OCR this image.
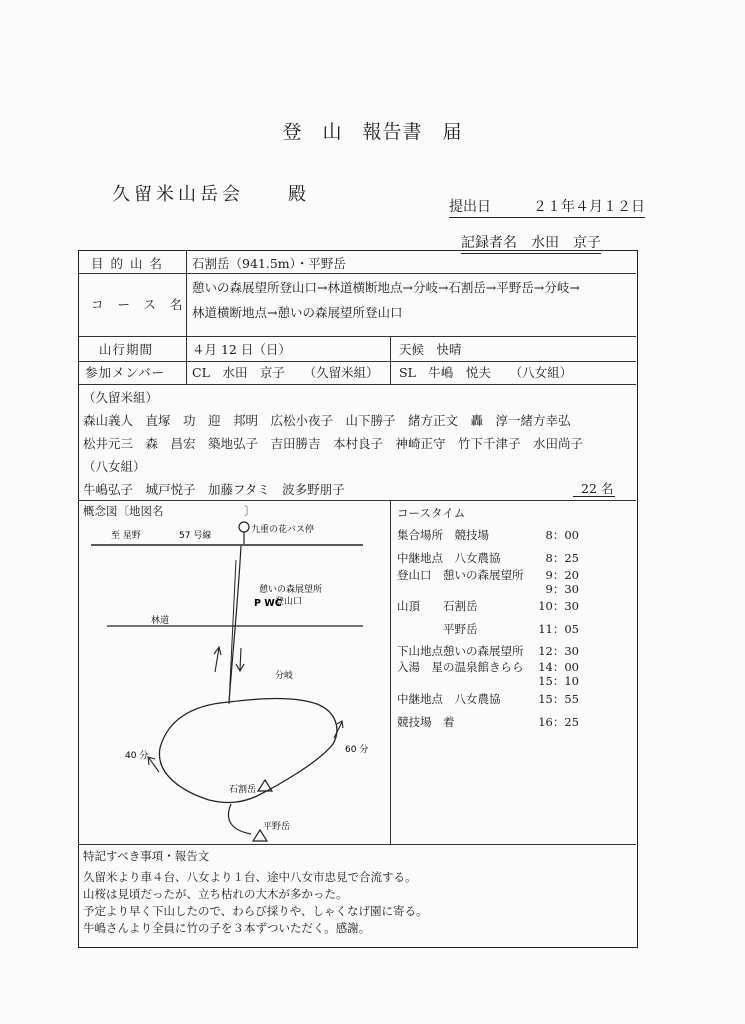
登　山　報告書　届
久留米山岳会　　殿
提出日　　　２１年４月１２日
記録者名　水田　京子
目的山名 石割岳（941.5m）・平野岳
コース名
憩いの森展望所登山口→林道横断地点→分岐→石割岳→平野岳→分岐→
林道横断地点→憩いの森展望所登山口
山行期間	４月 12 日（日）	天候　快晴
参加メンバー CL　水田　京子　　（久留米組） SL　牛嶋　悦夫　　（八女組）
（久留米組）
森山義人　直塚　功　迎　邦明　広松小夜子　山下勝子　緒方正文　轟　淳一緒方幸弘
松井元三　森　昌宏　築地弘子　吉田勝吉　本村良子　神崎正守　竹下千津子　水田尚子
（八女組）
牛嶋弘子　城戸悦子　加藤フタミ　波多野朋子	22 名
概念図〔地図名　　　　　　　〕
九重の花バス停
至 星野	57 号線
憩いの森展望所
登山口
P WC
林道
分岐
40 分
60 分
石割岳
平野岳
コースタイム
集合場所　競技場	8：00
中継地点　八女農協	8：25
登山口　憩いの森展望所	9：20
9：30
山頂　　石割岳	10：30
　　　　平野岳	11：05
下山地点憩いの森展望所	12：30
入湯　星の温泉館きらら	14：00
15：10
中継地点　八女農協	15：55
競技場　着	16：25
特記すべき事項・報告文
久留米より車４台、八女より１台、途中八女市忠見で合流する。
山桜は見頃だったが、立ち枯れの大木が多かった。
予定より早く下山したので、わらび採りや、しゃくなげ園に寄る。
牛嶋さんより全員に竹の子を３本ずついただく。感謝。
